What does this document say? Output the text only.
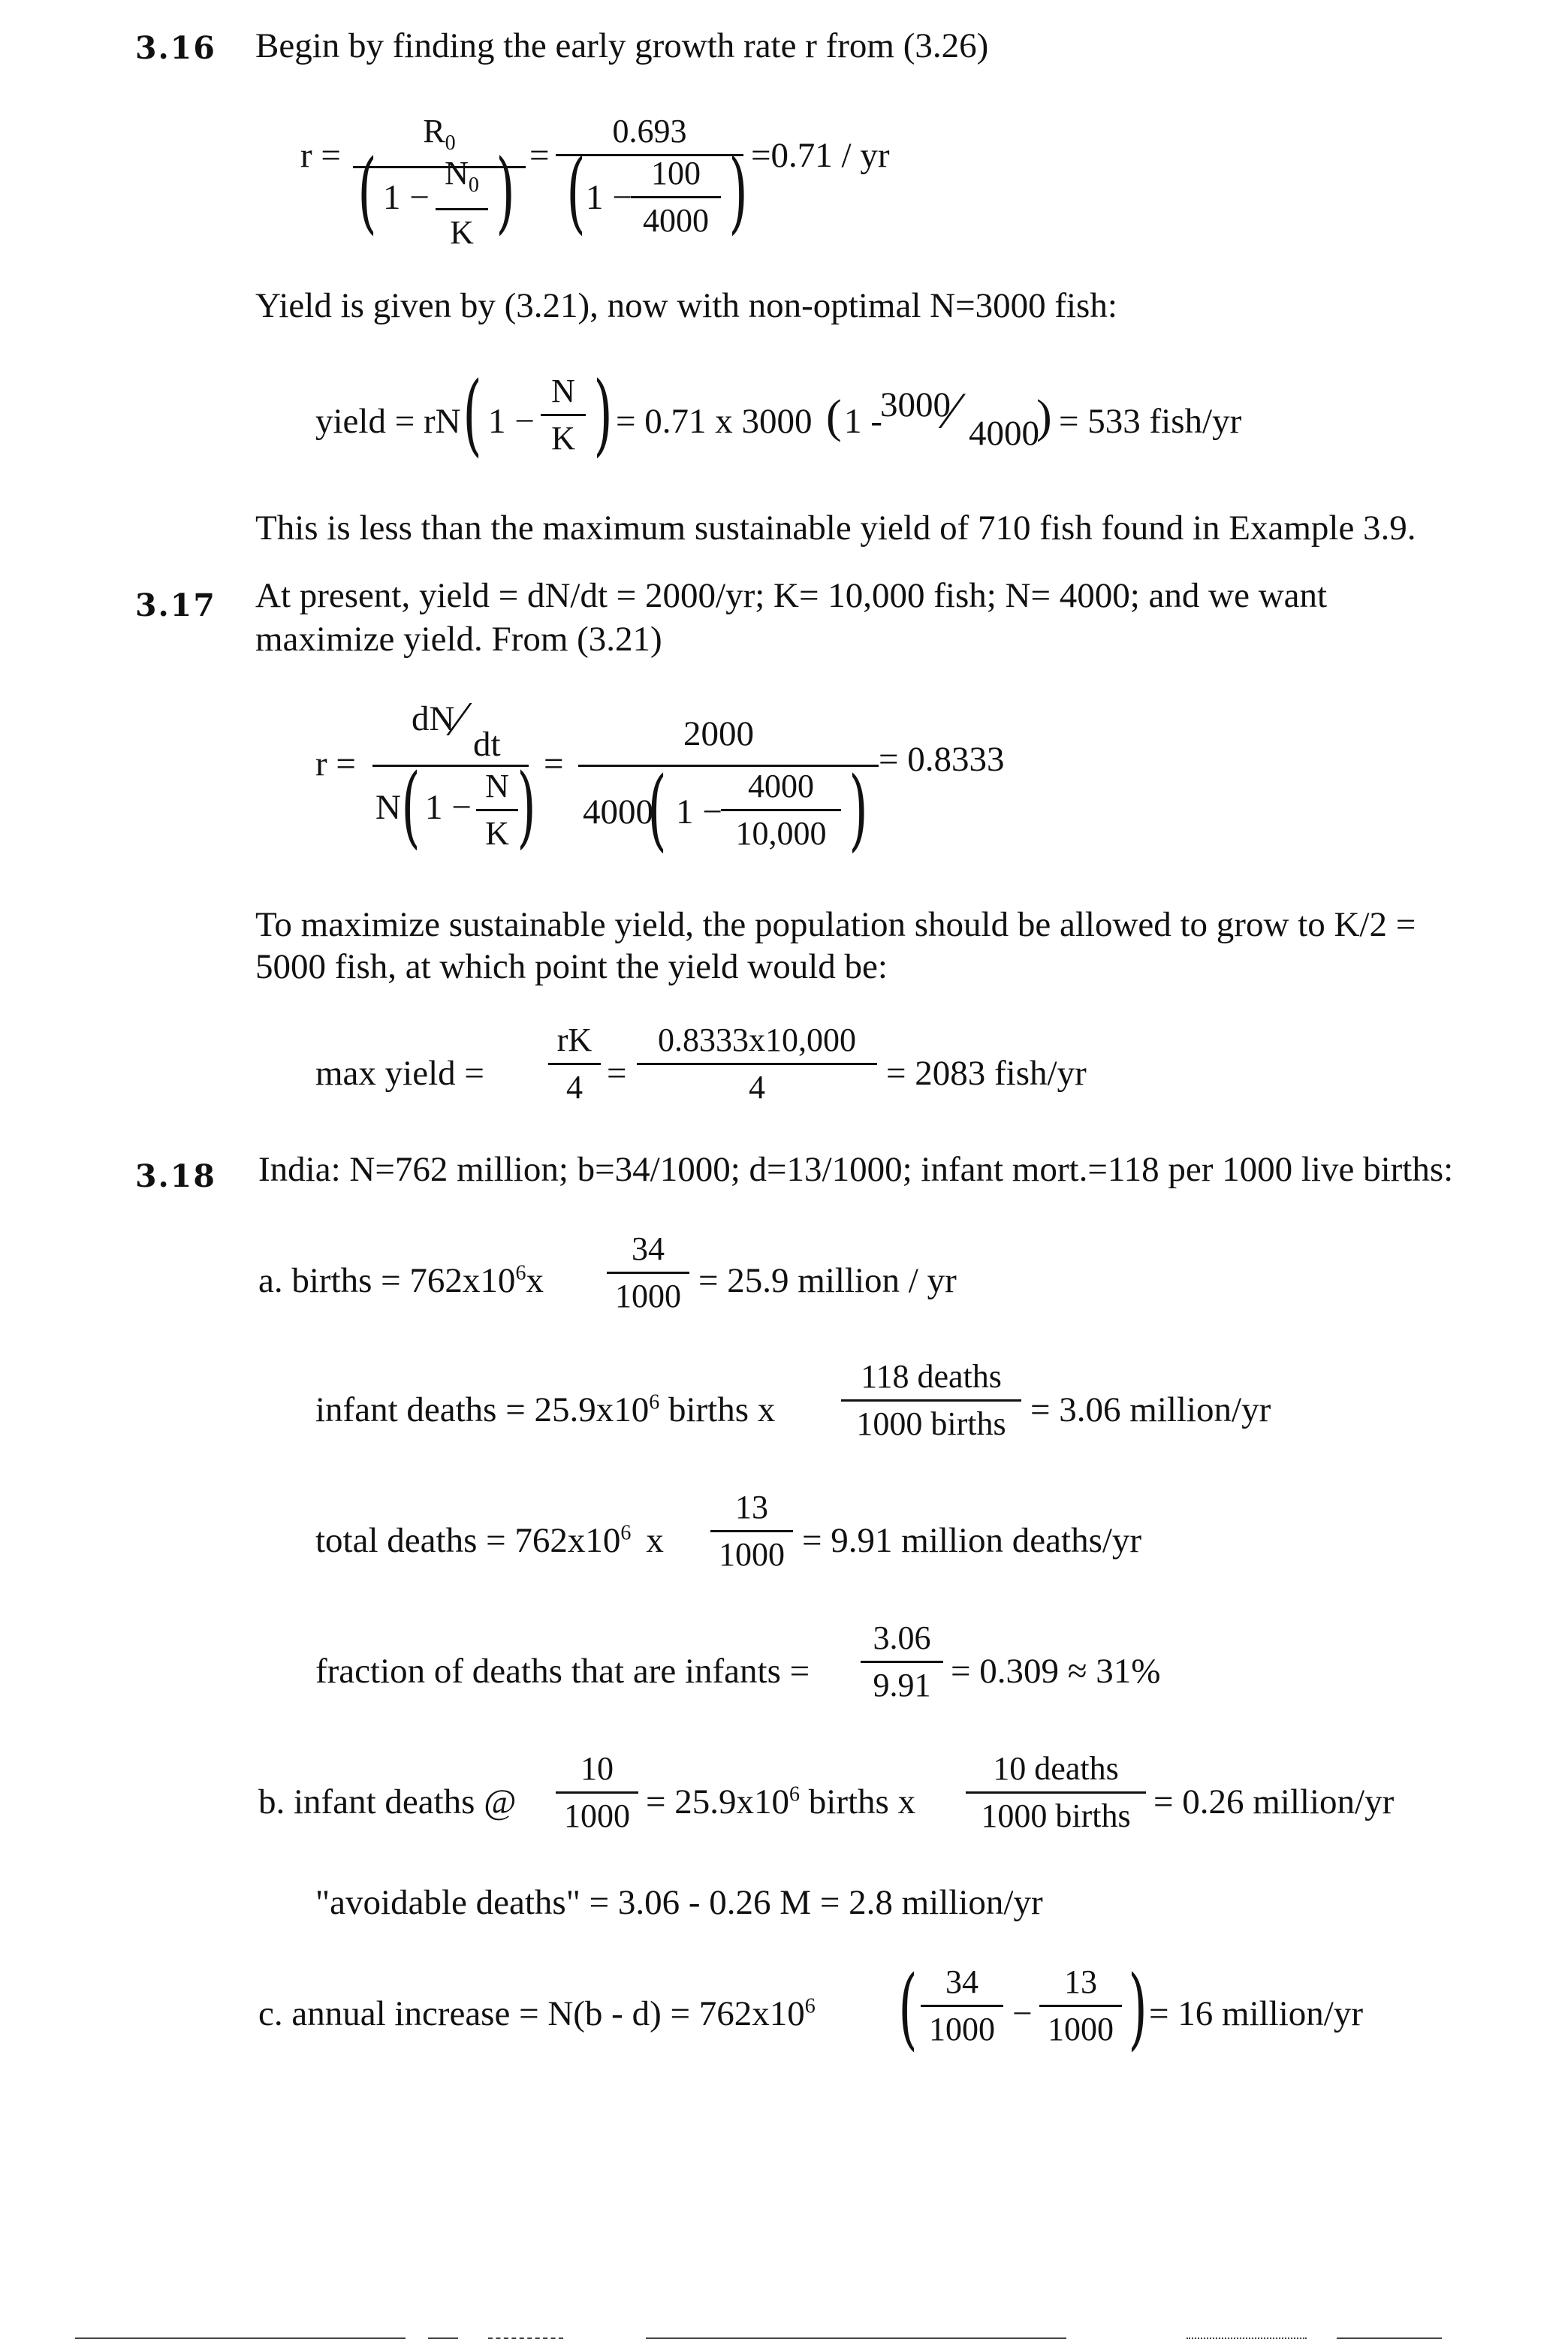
3.16 Begin by finding the early growth rate r from (3.26)
r =
$R_0$
( 1 −
$N_0$
K ) =
0.693
( 1 −
100
4000 ) =0.71 / yr
Yield is given by (3.21), now with non-optimal N=3000 fish:
yield = rN ( 1 −
N
K ) = 0.71 x 3000 ( 1 -
3000
⁄ 4000
) = 533 fish/yr
This is less than the maximum sustainable yield of 710 fish found in Example 3.9.
3.17 At present, yield = dN/dt = 2000/yr; K= 10,000 fish; N= 4000; and we want
maximize yield. From (3.21)
r =
dN ⁄ dt
N ( 1 −
N
K ) =
2000
4000
( 1 −
4000
10,000 ) = 0.8333
To maximize sustainable yield, the population should be allowed to grow to K/2 =
5000 fish, at which point the yield would be:
max yield =
rK
4 =
0.8333x10,000
4	= 2083 fish/yr
3.18 India: N=762 million; b=34/1000; d=13/1000; infant mort.=118 per 1000 live births:
a. births = $762x10^6x$
34
1000 = 25.9 million / yr
infant deaths = $25.9x10^6$ births x
118 deaths
1000 births = 3.06 million/yr
total deaths = $762x10^6$ x
13
1000 = 9.91 million deaths/yr
fraction of deaths that are infants =
3.06
9.91 = 0.309 ≈ 31%
b. infant deaths @
10
$1000 = 25.9x10^6$ births x
10 deaths
1000 births = 0.26 million/yr
"avoidable deaths" = 3.06 - 0.26 M = 2.8 million/yr
c. annual increase = $N(b - d) = 762x10^6$ ( 34
1000 −
13
1000 ) = 16 million/yr
